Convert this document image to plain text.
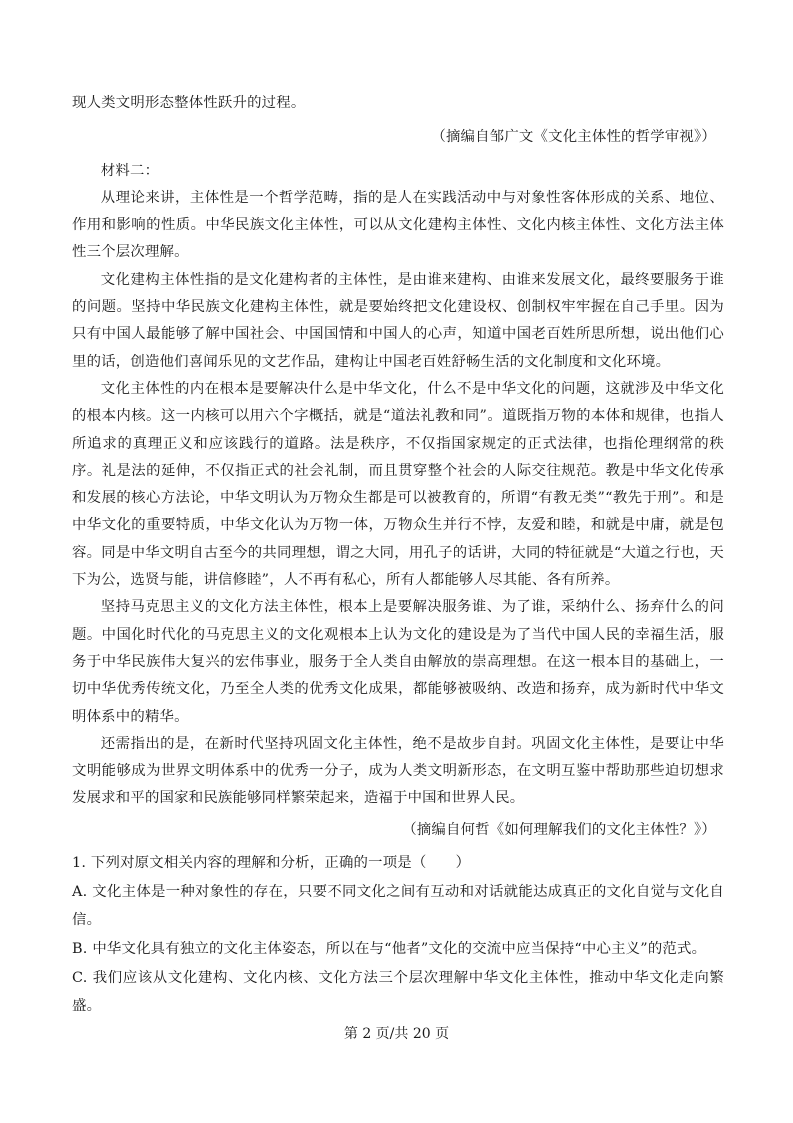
现人类文明形态整体性跃升的过程。

（摘编自邹广文《文化主体性的哲学审视》）

材料二：

从理论来讲，主体性是一个哲学范畴，指的是人在实践活动中与对象性客体形成的关系、地位、作用和影响的性质。中华民族文化主体性，可以从文化建构主体性、文化内核主体性、文化方法主体性三个层次理解。

文化建构主体性指的是文化建构者的主体性，是由谁来建构、由谁来发展文化，最终要服务于谁的问题。坚持中华民族文化建构主体性，就是要始终把文化建设权、创制权牢牢握在自己手里。因为只有中国人最能够了解中国社会、中国国情和中国人的心声，知道中国老百姓所思所想，说出他们心里的话，创造他们喜闻乐见的文艺作品，建构让中国老百姓舒畅生活的文化制度和文化环境。

文化主体性的内在根本是要解决什么是中华文化，什么不是中华文化的问题，这就涉及中华文化的根本内核。这一内核可以用六个字概括，就是“道法礼教和同”。道既指万物的本体和规律，也指人所追求的真理正义和应该践行的道路。法是秩序，不仅指国家规定的正式法律，也指伦理纲常的秩序。礼是法的延伸，不仅指正式的社会礼制，而且贯穿整个社会的人际交往规范。教是中华文化传承和发展的核心方法论，中华文明认为万物众生都是可以被教育的，所谓“有教无类”“教先于刑”。和是中华文化的重要特质，中华文化认为万物一体，万物众生并行不悖，友爱和睦，和就是中庸，就是包容。同是中华文明自古至今的共同理想，谓之大同，用孔子的话讲，大同的特征就是“大道之行也，天下为公，选贤与能，讲信修睦”，人不再有私心，所有人都能够人尽其能、各有所养。

坚持马克思主义的文化方法主体性，根本上是要解决服务谁、为了谁，采纳什么、扬弃什么的问题。中国化时代化的马克思主义的文化观根本上认为文化的建设是为了当代中国人民的幸福生活，服务于中华民族伟大复兴的宏伟事业，服务于全人类自由解放的崇高理想。在这一根本目的基础上，一切中华优秀传统文化，乃至全人类的优秀文化成果，都能够被吸纳、改造和扬弃，成为新时代中华文明体系中的精华。

还需指出的是，在新时代坚持巩固文化主体性，绝不是故步自封。巩固文化主体性，是要让中华文明能够成为世界文明体系中的优秀一分子，成为人类文明新形态，在文明互鉴中帮助那些迫切想求发展求和平的国家和民族能够同样繁荣起来，造福于中国和世界人民。

（摘编自何哲《如何理解我们的文化主体性？》）

1. 下列对原文相关内容的理解和分析，正确的一项是（　　）

A. 文化主体是一种对象性的存在，只要不同文化之间有互动和对话就能达成真正的文化自觉与文化自信。

B. 中华文化具有独立的文化主体姿态，所以在与“他者”文化的交流中应当保持“中心主义”的范式。

C. 我们应该从文化建构、文化内核、文化方法三个层次理解中华文化主体性，推动中华文化走向繁盛。

第 2 页/共 20 页
